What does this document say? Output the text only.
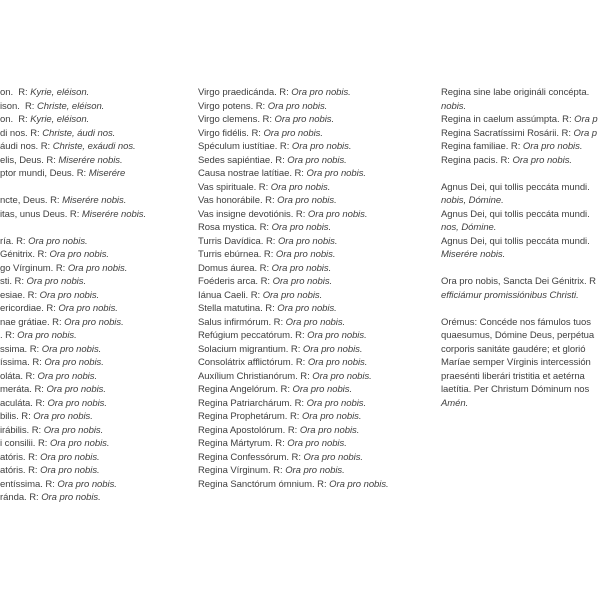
on.  R: Kyrie, eléison.
ison.  R: Christe, eléison.
on.  R: Kyrie, eléison.
di nos. R: Christe, áudi nos.
áudi nos. R: Christe, exáudi nos.
elis, Deus. R: Miserére nobis.
ptor mundi, Deus. R: Miserére
ncte, Deus. R: Miserére nobis.
itas, unus Deus. R: Miserére nobis.
ría. R: Ora pro nobis.
Génitrix. R: Ora pro nobis.
go Vírginum. R: Ora pro nobis.
sti. R: Ora pro nobis.
esiae. R: Ora pro nobis.
ericordiae. R: Ora pro nobis.
nae grátiae. R: Ora pro nobis.
. R: Ora pro nobis.
ssima. R: Ora pro nobis.
íssima. R: Ora pro nobis.
oláta. R: Ora pro nobis.
meráta. R: Ora pro nobis.
aculáta. R: Ora pro nobis.
bilis. R: Ora pro nobis.
irábilis. R: Ora pro nobis.
i consilii. R: Ora pro nobis.
atóris. R: Ora pro nobis.
atóris. R: Ora pro nobis.
entíssima. R: Ora pro nobis.
ránda. R: Ora pro nobis.
Virgo praedicánda. R: Ora pro nobis.
Virgo potens. R: Ora pro nobis.
Virgo clemens. R: Ora pro nobis.
Virgo fidélis. R: Ora pro nobis.
Spéculum iustítiae. R: Ora pro nobis.
Sedes sapiéntiae. R: Ora pro nobis.
Causa nostrae latítiae. R: Ora pro nobis.
Vas spirituale. R: Ora pro nobis.
Vas honorábile. R: Ora pro nobis.
Vas insigne devotiónis. R: Ora pro nobis.
Rosa mystica. R: Ora pro nobis.
Turris Davídica. R: Ora pro nobis.
Turris ebúrnea. R: Ora pro nobis.
Domus áurea. R: Ora pro nobis.
Foéderis arca. R: Ora pro nobis.
Iánua Caeli. R: Ora pro nobis.
Stella matutina. R: Ora pro nobis.
Salus infirmórum. R: Ora pro nobis.
Refúgium peccatórum. R: Ora pro nobis.
Solacium migrantium. R: Ora pro nobis.
Consolátrix afflictórum. R: Ora pro nobis.
Auxílium Christianórum. R: Ora pro nobis.
Regina Angelórum. R: Ora pro nobis.
Regina Patriarchárum. R: Ora pro nobis.
Regina Prophetárum. R: Ora pro nobis.
Regina Apostolórum. R: Ora pro nobis.
Regina Mártyrum. R: Ora pro nobis.
Regina Confessórum. R: Ora pro nobis.
Regina Vírginum. R: Ora pro nobis.
Regina Sanctórum ómnium. R: Ora pro nobis.
Regina sine labe origináli concépta.
nobis.
Regina in caelum assúmpta. R: Ora p
Regina Sacratíssimi Rosárii. R: Ora p
Regina familiae. R: Ora pro nobis.
Regina pacis. R: Ora pro nobis.
Agnus Dei, qui tollis peccáta mundi.
nobis, Dómine.
Agnus Dei, qui tollis peccáta mundi.
nos, Dómine.
Agnus Dei, qui tollis peccáta mundi.
Miserére nobis.
Ora pro nobis, Sancta Dei Génitrix. R
efficiámur promissiónibus Christi.
Orémus: Concéde nos fámulos tuos
quaesumus, Dómine Deus, perpétua
corporis sanitáte gaudére; et glorió
Maríae semper Vírginis intercessión
praesénti liberári tristitia et aetérna
laetítia. Per Christum Dóminum nos
Amén.
